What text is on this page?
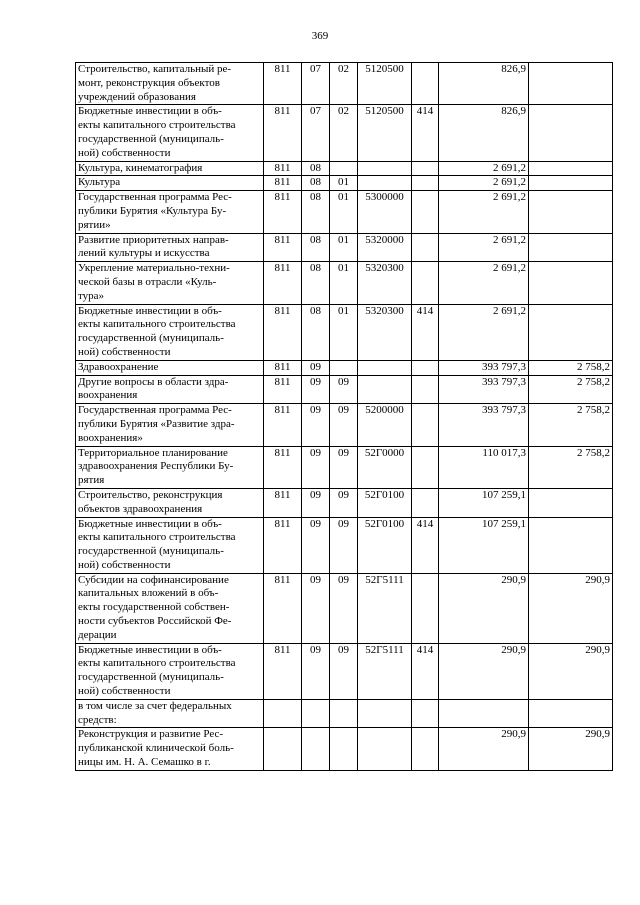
369
Строительство, капитальный ре-
монт, реконструкция объектов
учреждений образования	811	07	02	5120500		826,9	
Бюджетные инвестиции в объ-
екты капитального строительства
государственной (муниципаль-
ной) собственности	811	07	02	5120500	414	826,9	
Культура, кинематография	811	08				2 691,2	
Культура	811	08	01			2 691,2	
Государственная программа Рес-
публики Бурятия «Культура Бу-
рятии»	811	08	01	5300000		2 691,2	
Развитие приоритетных направ-
лений культуры и искусства	811	08	01	5320000		2 691,2	
Укрепление материально-техни-
ческой базы в отрасли «Куль-
тура»	811	08	01	5320300		2 691,2	
Бюджетные инвестиции в объ-
екты капитального строительства
государственной (муниципаль-
ной) собственности	811	08	01	5320300	414	2 691,2	
Здравоохранение	811	09				393 797,3	2 758,2
Другие вопросы в области здра-
воохранения	811	09	09			393 797,3	2 758,2
Государственная программа Рес-
публики Бурятия «Развитие здра-
воохранения»	811	09	09	5200000		393 797,3	2 758,2
Территориальное планирование
здравоохранения Республики Бу-
рятия	811	09	09	52Г0000		110 017,3	2 758,2
Строительство, реконструкция
объектов здравоохранения	811	09	09	52Г0100		107 259,1	
Бюджетные инвестиции в объ-
екты капитального строительства
государственной (муниципаль-
ной) собственности	811	09	09	52Г0100	414	107 259,1	
Субсидии на софинансирование
капитальных вложений в объ-
екты государственной собствен-
ности субъектов Российской Фе-
дерации	811	09	09	52Г5111		290,9	290,9
Бюджетные инвестиции в объ-
екты капитального строительства
государственной (муниципаль-
ной) собственности	811	09	09	52Г5111	414	290,9	290,9
в том числе за счет федеральных
средств:							
Реконструкция и развитие Рес-
публиканской клинической боль-
ницы им. Н. А. Семашко в г.						290,9	290,9
